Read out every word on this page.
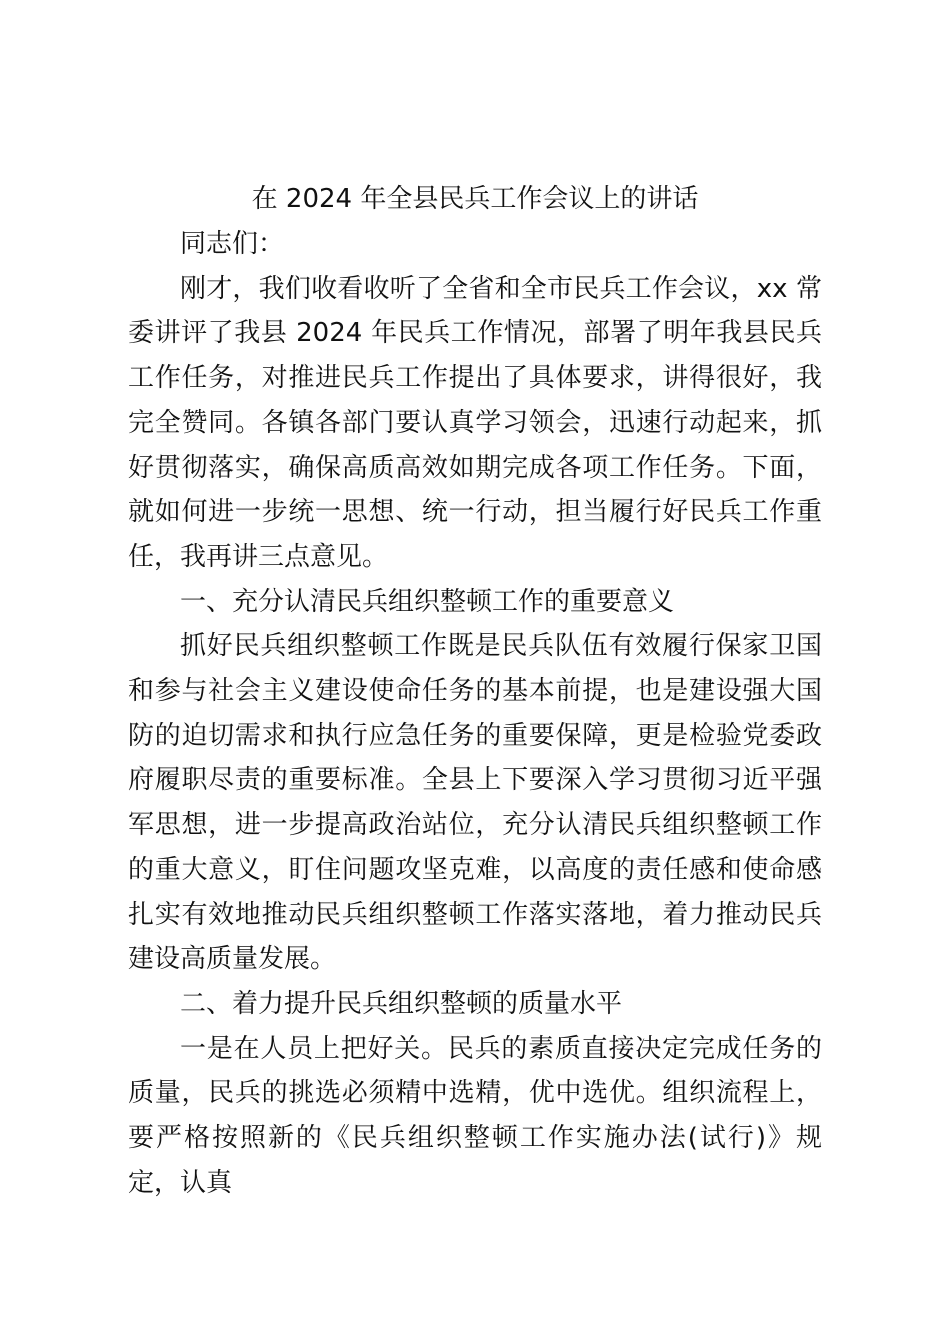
在 2024 年全县民兵工作会议上的讲话

同志们：

刚才，我们收看收听了全省和全市民兵工作会议，xx 常委讲评了我县 2024 年民兵工作情况，部署了明年我县民兵工作任务，对推进民兵工作提出了具体要求，讲得很好，我完全赞同。各镇各部门要认真学习领会，迅速行动起来，抓好贯彻落实，确保高质高效如期完成各项工作任务。下面，就如何进一步统一思想、统一行动，担当履行好民兵工作重任，我再讲三点意见。

一、充分认清民兵组织整顿工作的重要意义

抓好民兵组织整顿工作既是民兵队伍有效履行保家卫国和参与社会主义建设使命任务的基本前提，也是建设强大国防的迫切需求和执行应急任务的重要保障，更是检验党委政府履职尽责的重要标准。全县上下要深入学习贯彻习近平强军思想，进一步提高政治站位，充分认清民兵组织整顿工作的重大意义，盯住问题攻坚克难，以高度的责任感和使命感扎实有效地推动民兵组织整顿工作落实落地，着力推动民兵建设高质量发展。

二、着力提升民兵组织整顿的质量水平

一是在人员上把好关。民兵的素质直接决定完成任务的质量，民兵的挑选必须精中选精，优中选优。组织流程上，要严格按照新的《民兵组织整顿工作实施办法(试行)》规定，认真
